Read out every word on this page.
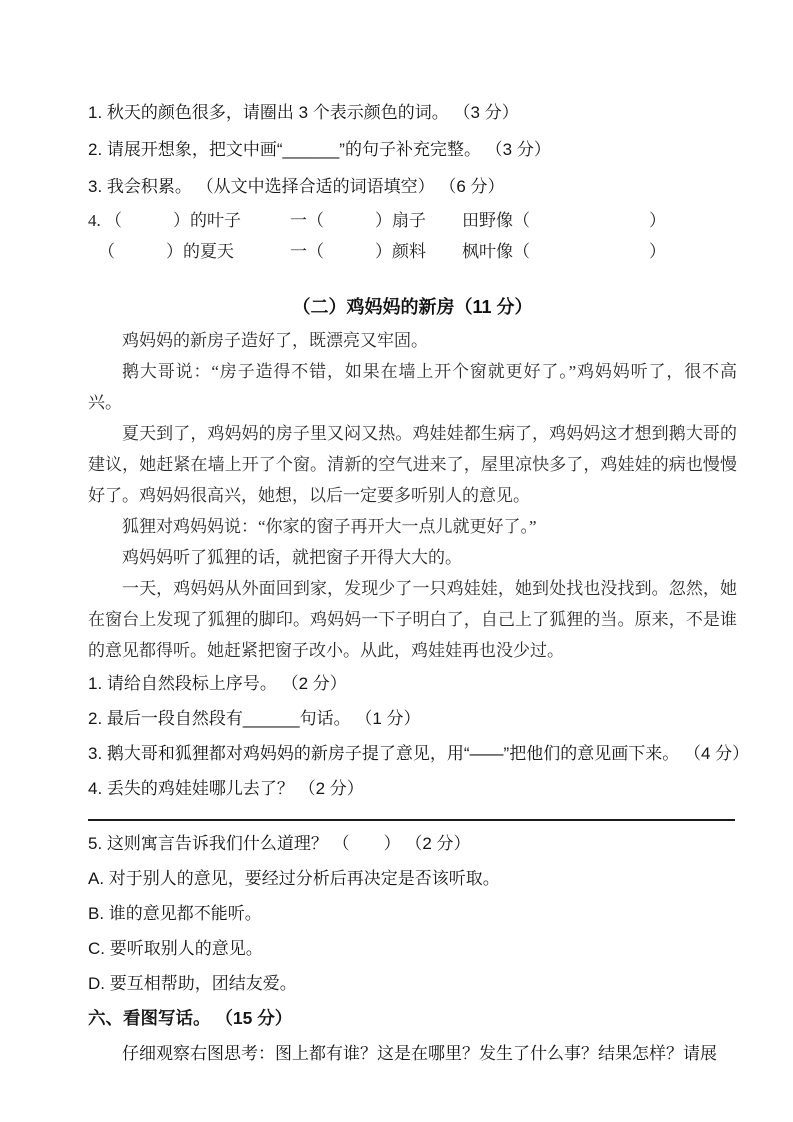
1. 秋天的颜色很多，请圈出 3 个表示颜色的词。 （3 分）
2. 请展开想象，把文中画“______”的句子补充完整。 （3 分）
3. 我会积累。 （从文中选择合适的词语填空） （6 分）
4. （　　　）的叶子	一（　　　）扇子	田野像（　　　　　　　）
（　　　）的夏天	一（　　　）颜料	枫叶像（　　　　　　　）
（二）鸡妈妈的新房（11 分）

鸡妈妈的新房子造好了，既漂亮又牢固。

鹅大哥说：“房子造得不错，如果在墙上开个窗就更好了。”鸡妈妈听了，很不高兴。

夏天到了，鸡妈妈的房子里又闷又热。鸡娃娃都生病了，鸡妈妈这才想到鹅大哥的建议，她赶紧在墙上开了个窗。清新的空气进来了，屋里凉快多了，鸡娃娃的病也慢慢好了。鸡妈妈很高兴，她想，以后一定要多听别人的意见。

狐狸对鸡妈妈说：“你家的窗子再开大一点儿就更好了。”

鸡妈妈听了狐狸的话，就把窗子开得大大的。

一天，鸡妈妈从外面回到家，发现少了一只鸡娃娃，她到处找也没找到。忽然，她在窗台上发现了狐狸的脚印。鸡妈妈一下子明白了，自己上了狐狸的当。原来，不是谁的意见都得听。她赶紧把窗子改小。从此，鸡娃娃再也没少过。

1. 请给自然段标上序号。 （2 分）
2. 最后一段自然段有______句话。 （1 分）
3. 鹅大哥和狐狸都对鸡妈妈的新房子提了意见，用“——”把他们的意见画下来。 （4 分）
4. 丢失的鸡娃娃哪儿去了？ （2 分）
5. 这则寓言告诉我们什么道理？ （　　） （2 分）
A. 对于别人的意见，要经过分析后再决定是否该听取。
B. 谁的意见都不能听。
C. 要听取别人的意见。
D. 要互相帮助，团结友爱。
六、看图写话。 （15 分）
仔细观察右图思考：图上都有谁？这是在哪里？发生了什么事？结果怎样？请展
